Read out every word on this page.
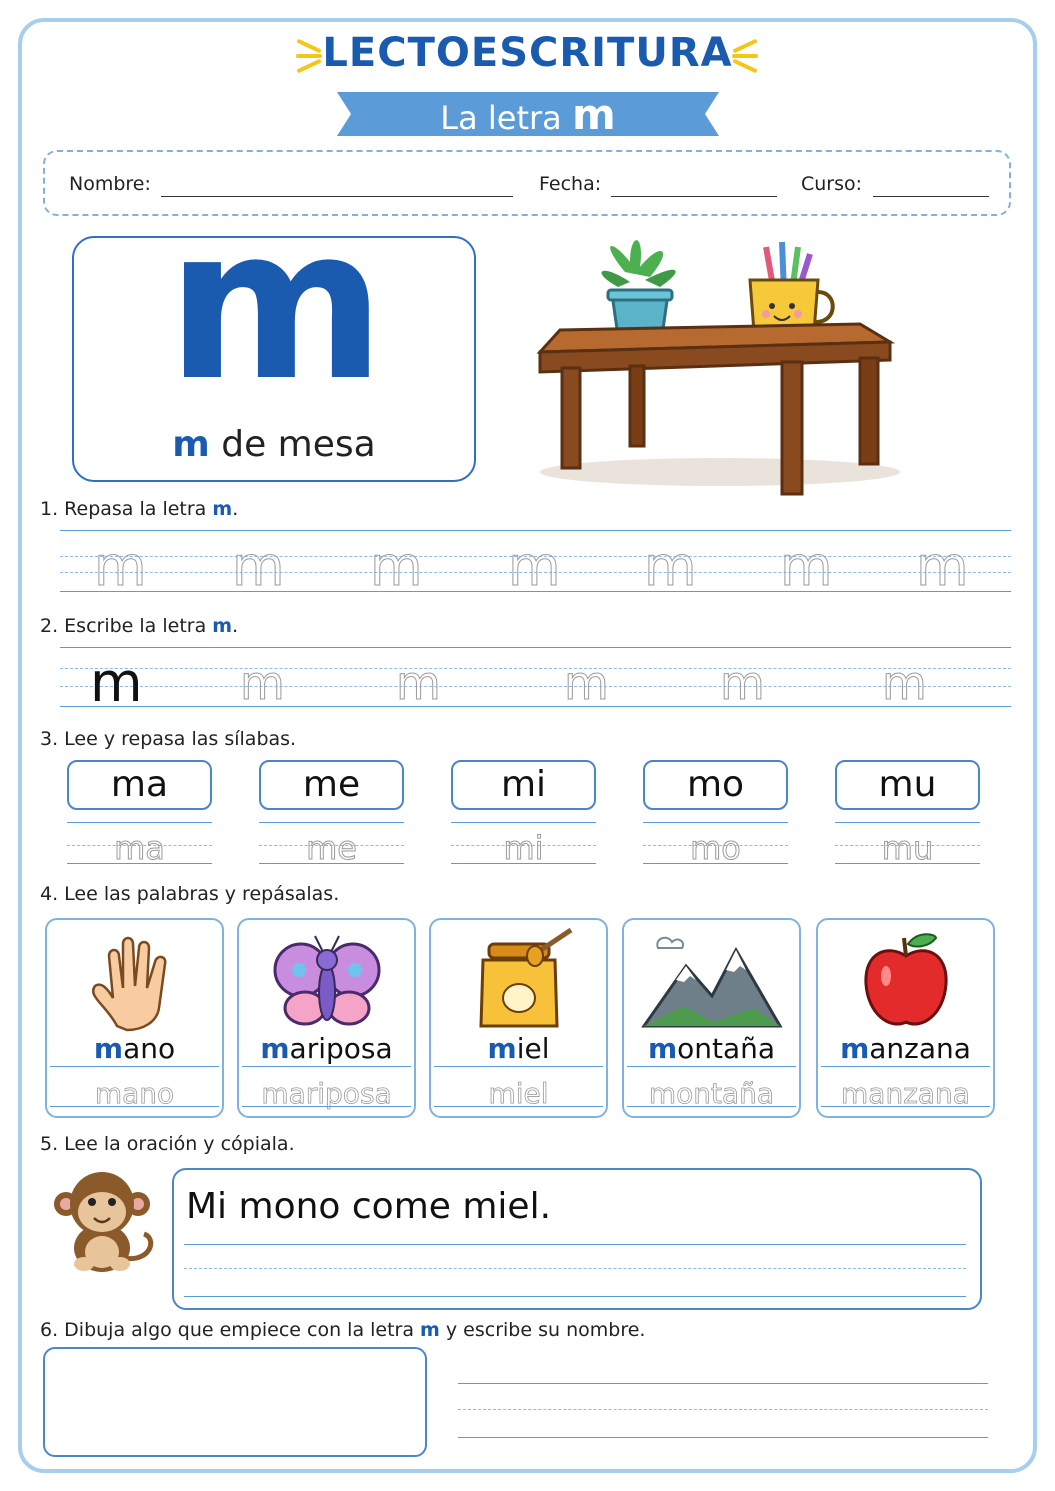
LECTOESCRITURA
La letra m
Nombre:	Fecha:	Curso:
m
m de mesa
1. Repasa la letra m.
m m m m m m m
2. Escribe la letra m.
m m m	m m	m
3. Lee y repasa las sílabas.
ma
ma
me
me
mi
mi
mo
mo
mu
mu
4. Lee las palabras y repásalas.
mano
mano
mariposa
mariposa
miel
miel
montaña
montaña
manzana
manzana
5. Lee la oración y cópiala.
Mi mono come miel.
6. Dibuja algo que empiece con la letra m y escribe su nombre.
